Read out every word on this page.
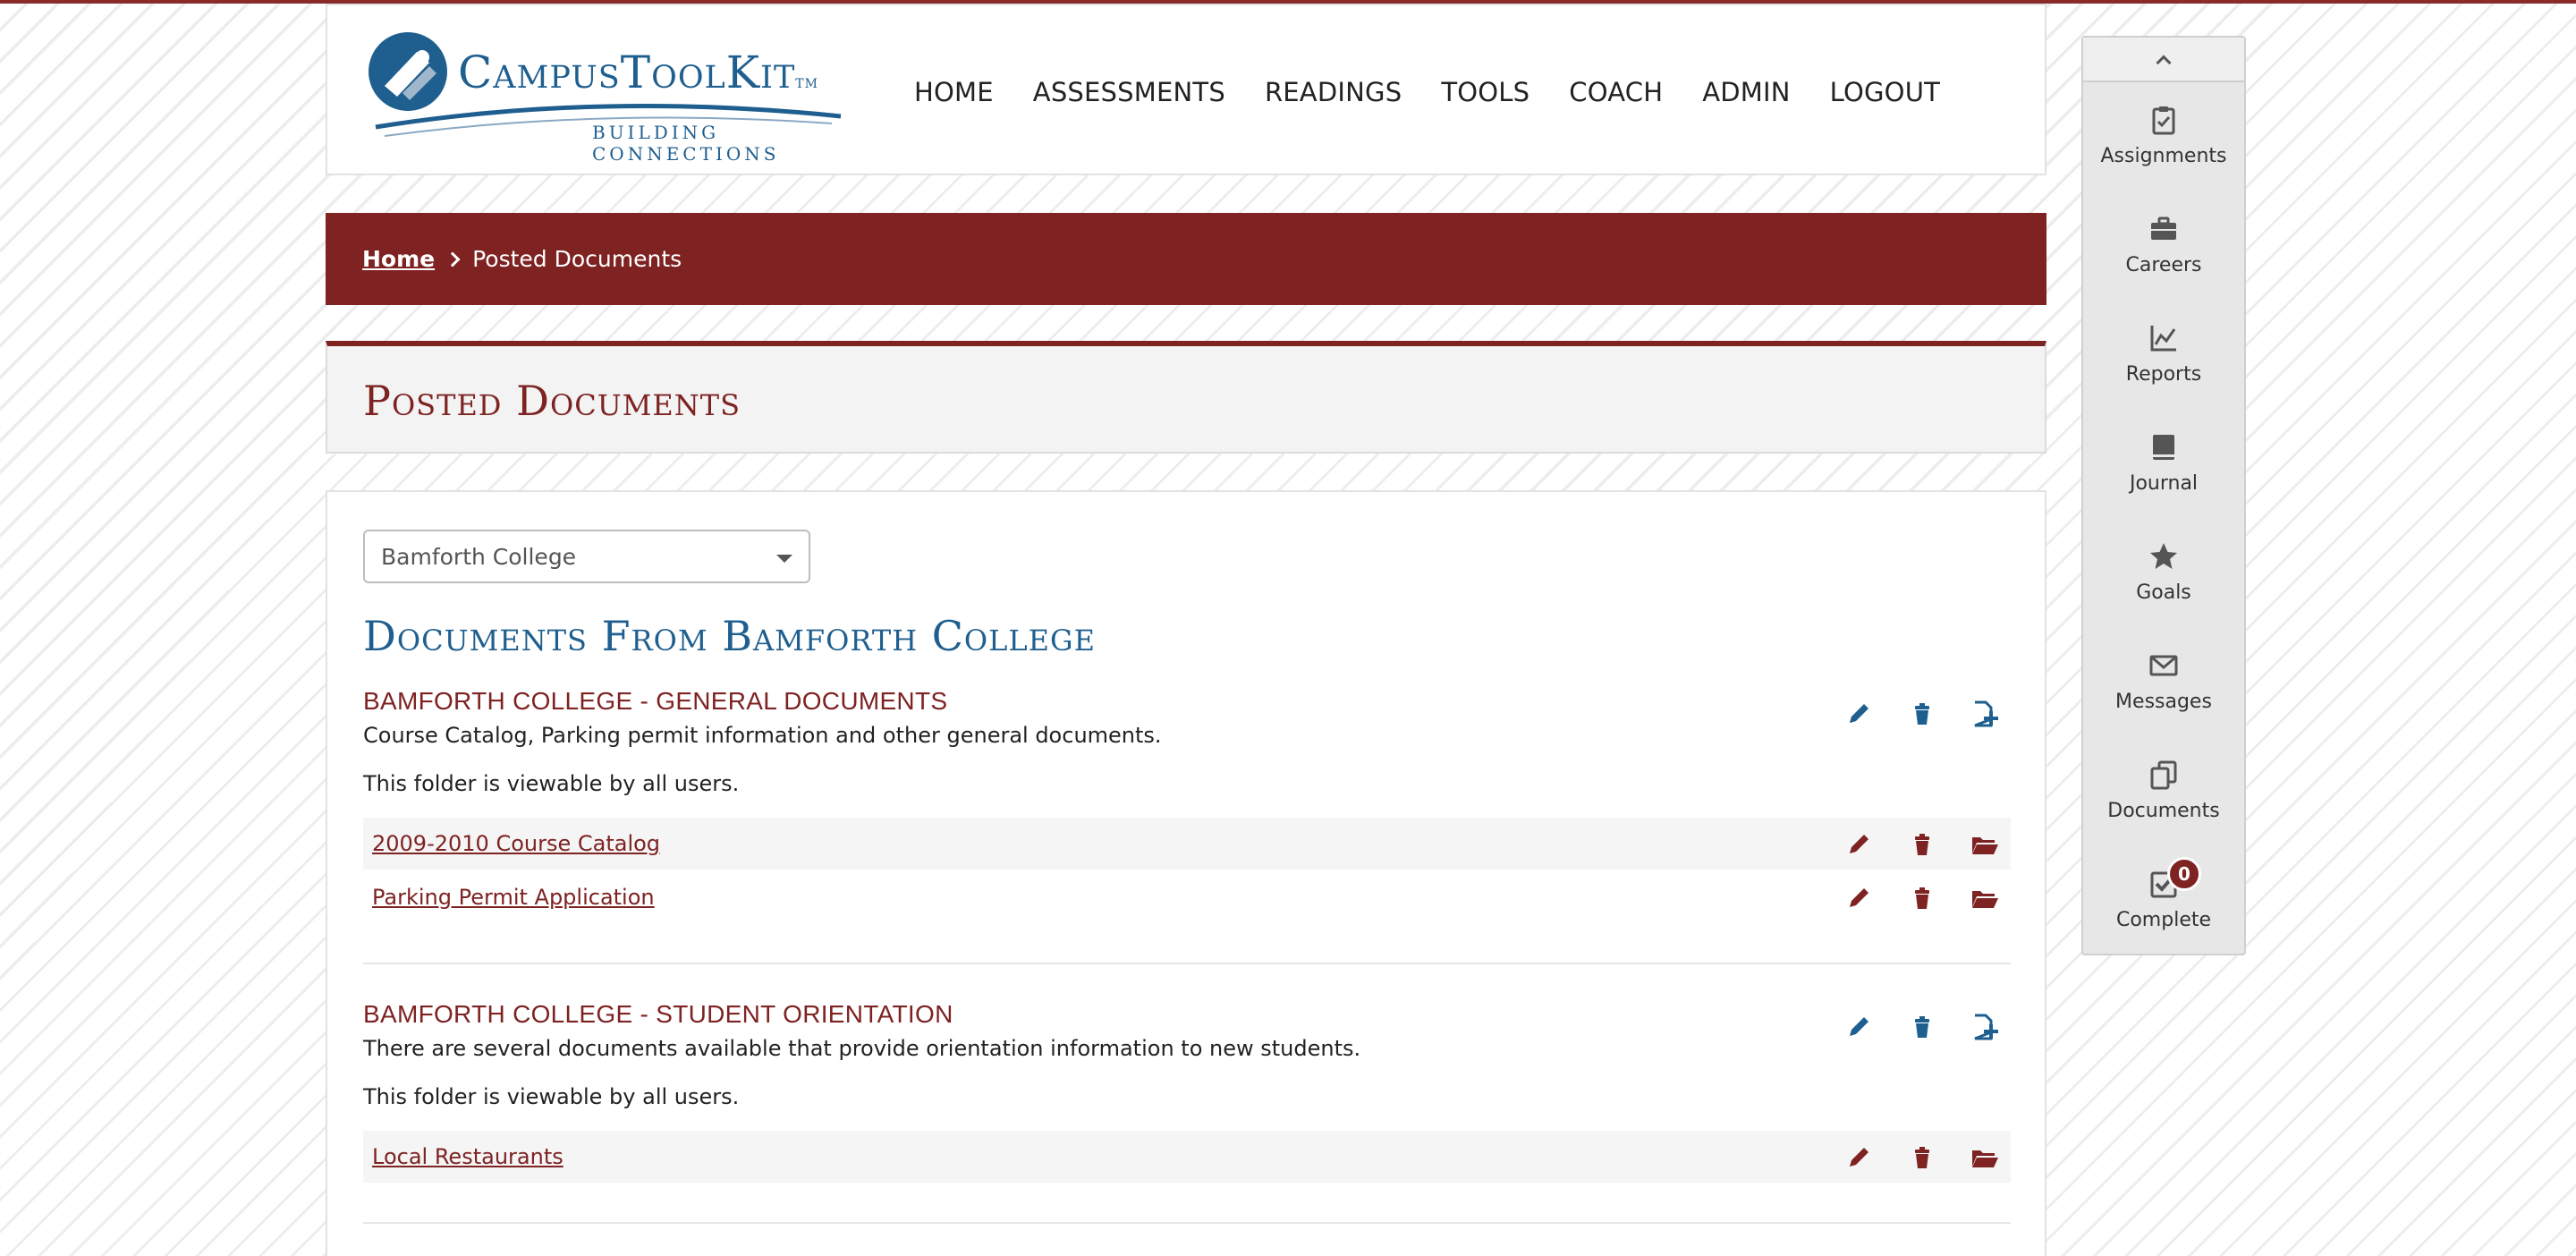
CampusToolKitTM
BUILDING CONNECTIONS
HOME ASSESSMENTS READINGS TOOLS COACH ADMIN LOGOUT
Home Posted Documents
Posted Documents
Bamforth College
Documents From Bamforth College
BAMFORTH COLLEGE - GENERAL DOCUMENTS
Course Catalog, Parking permit information and other general documents.
This folder is viewable by all users.
2009-2010 Course Catalog
Parking Permit Application
BAMFORTH COLLEGE - STUDENT ORIENTATION
There are several documents available that provide orientation information to new students.
This folder is viewable by all users.
Local Restaurants
Assignments
Careers
Reports
Journal
Goals
Messages
Documents
0
Complete
